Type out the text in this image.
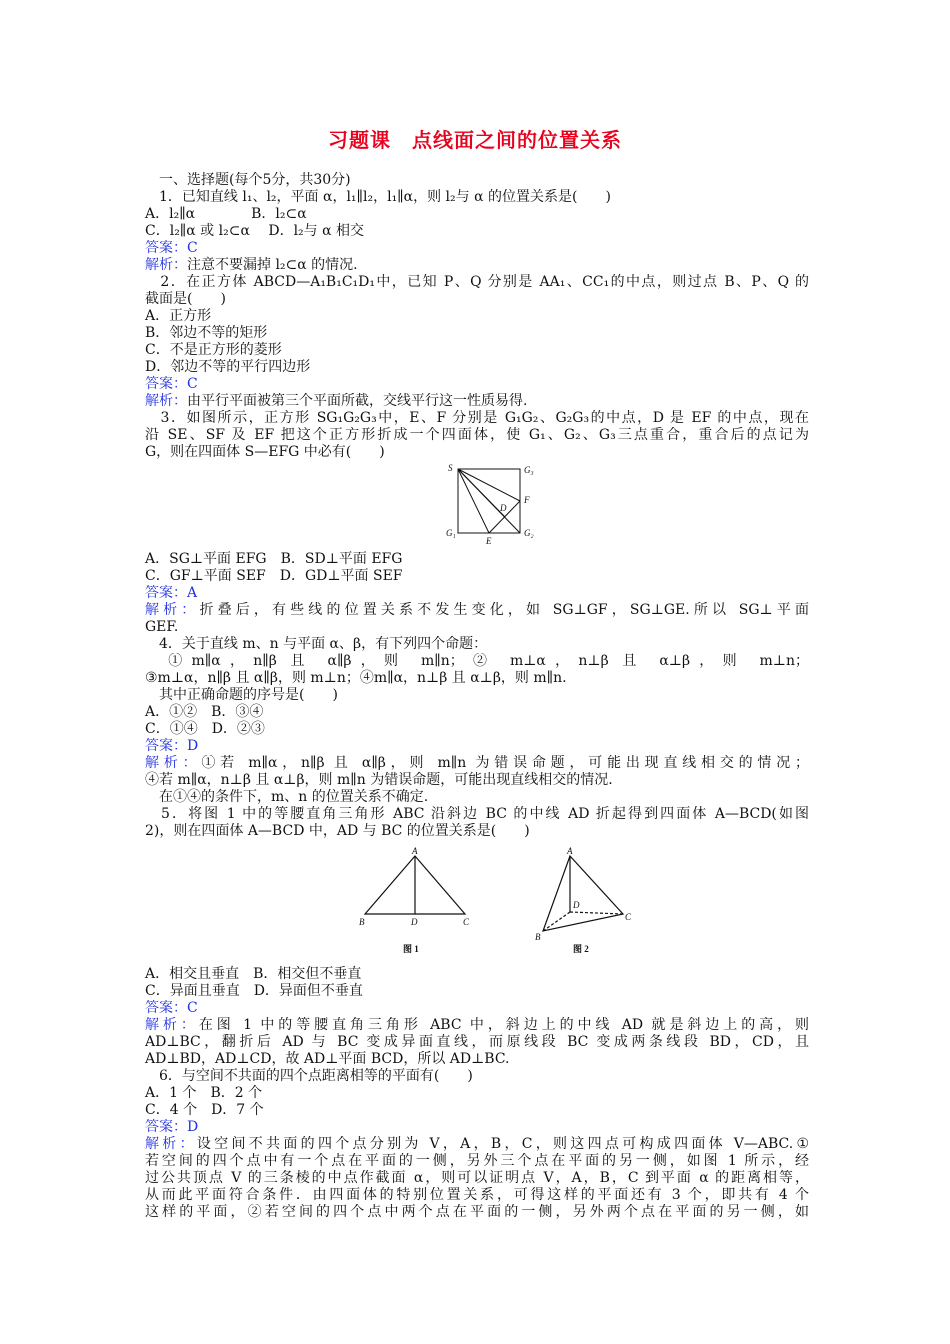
习题课　点线面之间的位置关系
　一、选择题(每个5分，共30分)
　1．已知直线 l₁、l₂，平面 α，l₁∥l₂，l₁∥α，则 l₂与 α 的位置关系是(　　)
A．l₂∥α　　　　B．l₂⊂α
C．l₂∥α 或 l₂⊂α　 D．l₂与 α 相交
答案：C
解析：注意不要漏掉 l₂⊂α 的情况.
　2．在正方体 ABCD—A₁B₁C₁D₁中，已知 P、Q 分别是 AA₁、CC₁的中点，则过点 B、P、Q 的
截面是(　　)
A．正方形
B．邻边不等的矩形
C．不是正方形的菱形
D．邻边不等的平行四边形
答案：C
解析：由平行平面被第三个平面所截，交线平行这一性质易得.
　3．如图所示，正方形 SG₁G₂G₃中，E、F 分别是 G₁G₂、G₂G₃的中点，D 是 EF 的中点，现在
沿 SE、SF 及 EF 把这个正方形折成一个四面体，使 G₁、G₂、G₃三点重合，重合后的点记为
G，则在四面体 S—EFG 中必有(　　)
S	G₃
F
D
G₁
E
G₂
A．SG⊥平面 EFG　B．SD⊥平面 EFG
C．GF⊥平面 SEF　D．GD⊥平面 SEF
答案：A
解析：折叠后，有些线的位置关系不发生变化，如 SG⊥GF，SG⊥GE.所以 SG⊥平面
GEF.
　4．关于直线 m、n 与平面 α、β，有下列四个命题：
　①m∥α，n∥β 且 α∥β，则 m∥n；② m⊥α，n⊥β 且 α⊥β，则 m⊥n；
③m⊥α，n∥β 且 α∥β，则 m⊥n；④m∥α，n⊥β 且 α⊥β，则 m∥n.
　其中正确命题的序号是(　　)
A．①②　B．③④
C．①④　D．②③
答案：D
解析：①若 m∥α，n∥β 且 α∥β，则 m∥n 为错误命题，可能出现直线相交的情况；
④若 m∥α，n⊥β 且 α⊥β，则 m∥n 为错误命题，可能出现直线相交的情况.
　在①④的条件下，m、n 的位置关系不确定.
　5．将图 1 中的等腰直角三角形 ABC 沿斜边 BC 的中线 AD 折起得到四面体 A—BCD(如图
2)，则在四面体 A—BCD 中，AD 与 BC 的位置关系是(　　)
A
B	D	C
A
D
B
C
图 1	图 2
A．相交且垂直　B．相交但不垂直
C．异面且垂直　D．异面但不垂直
答案：C
解析：在图 1 中的等腰直角三角形 ABC 中，斜边上的中线 AD 就是斜边上的高，则
AD⊥BC，翻折后 AD 与 BC 变成异面直线，而原线段 BC 变成两条线段 BD，CD，且
AD⊥BD，AD⊥CD，故 AD⊥平面 BCD，所以 AD⊥BC.
　6．与空间不共面的四个点距离相等的平面有(　　)
A．1 个　B．2 个
C．4 个　D．7 个
答案：D
解析：设空间不共面的四个点分别为 V，A，B，C，则这四点可构成四面体 V—ABC.①
若空间的四个点中有一个点在平面的一侧，另外三个点在平面的另一侧，如图 1 所示，经
过公共顶点 V 的三条棱的中点作截面 α，则可以证明点 V，A，B，C 到平面 α 的距离相等，
从而此平面符合条件．由四面体的特别位置关系，可得这样的平面还有 3 个，即共有 4 个
这样的平面，②若空间的四个点中两个点在平面的一侧，另外两个点在平面的另一侧，如
